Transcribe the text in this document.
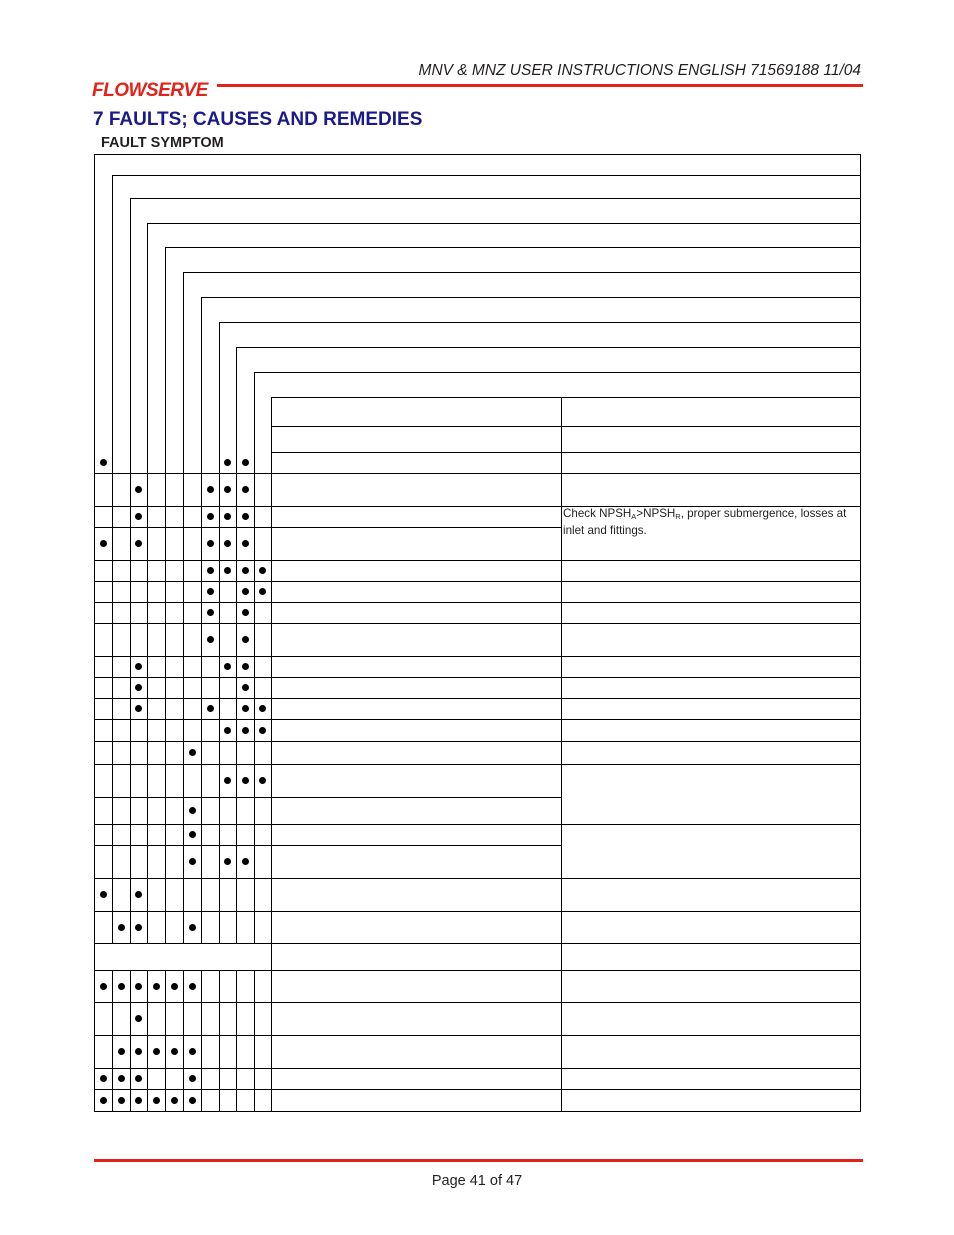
FLOWSERVE
MNV & MNZ USER INSTRUCTIONS ENGLISH 71569188 11/04
7 FAULTS; CAUSES AND REMEDIES
FAULT SYMPTOM
Check $NPSH_A>NPSH_R$, proper submergence, losses at inlet and fittings.
Page 41 of 47
